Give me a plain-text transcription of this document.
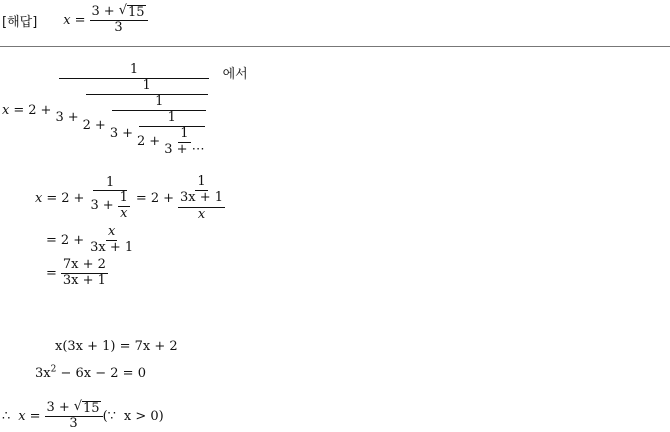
[해답] $x = \frac{3 + √ 15}{3}$
x = 2 +
1
3 +
1
2 +
1
3 +
1
$2 + \frac{1}{3 + \cdots}$
에서
$x = 2 + \frac{1}{3 + \frac{1}{x}} = 2$ +
1
3x + 1
x
= $2 + \frac{x}{3x + 1}$
= $\frac{7x + 2}{3x + 1}$
x(3x + 1) = 7x + 2
$3x^2 - 6x - 2 = 0$
∴ $x = \frac{3 + √ 15}{3}$ (∵ x > 0)
